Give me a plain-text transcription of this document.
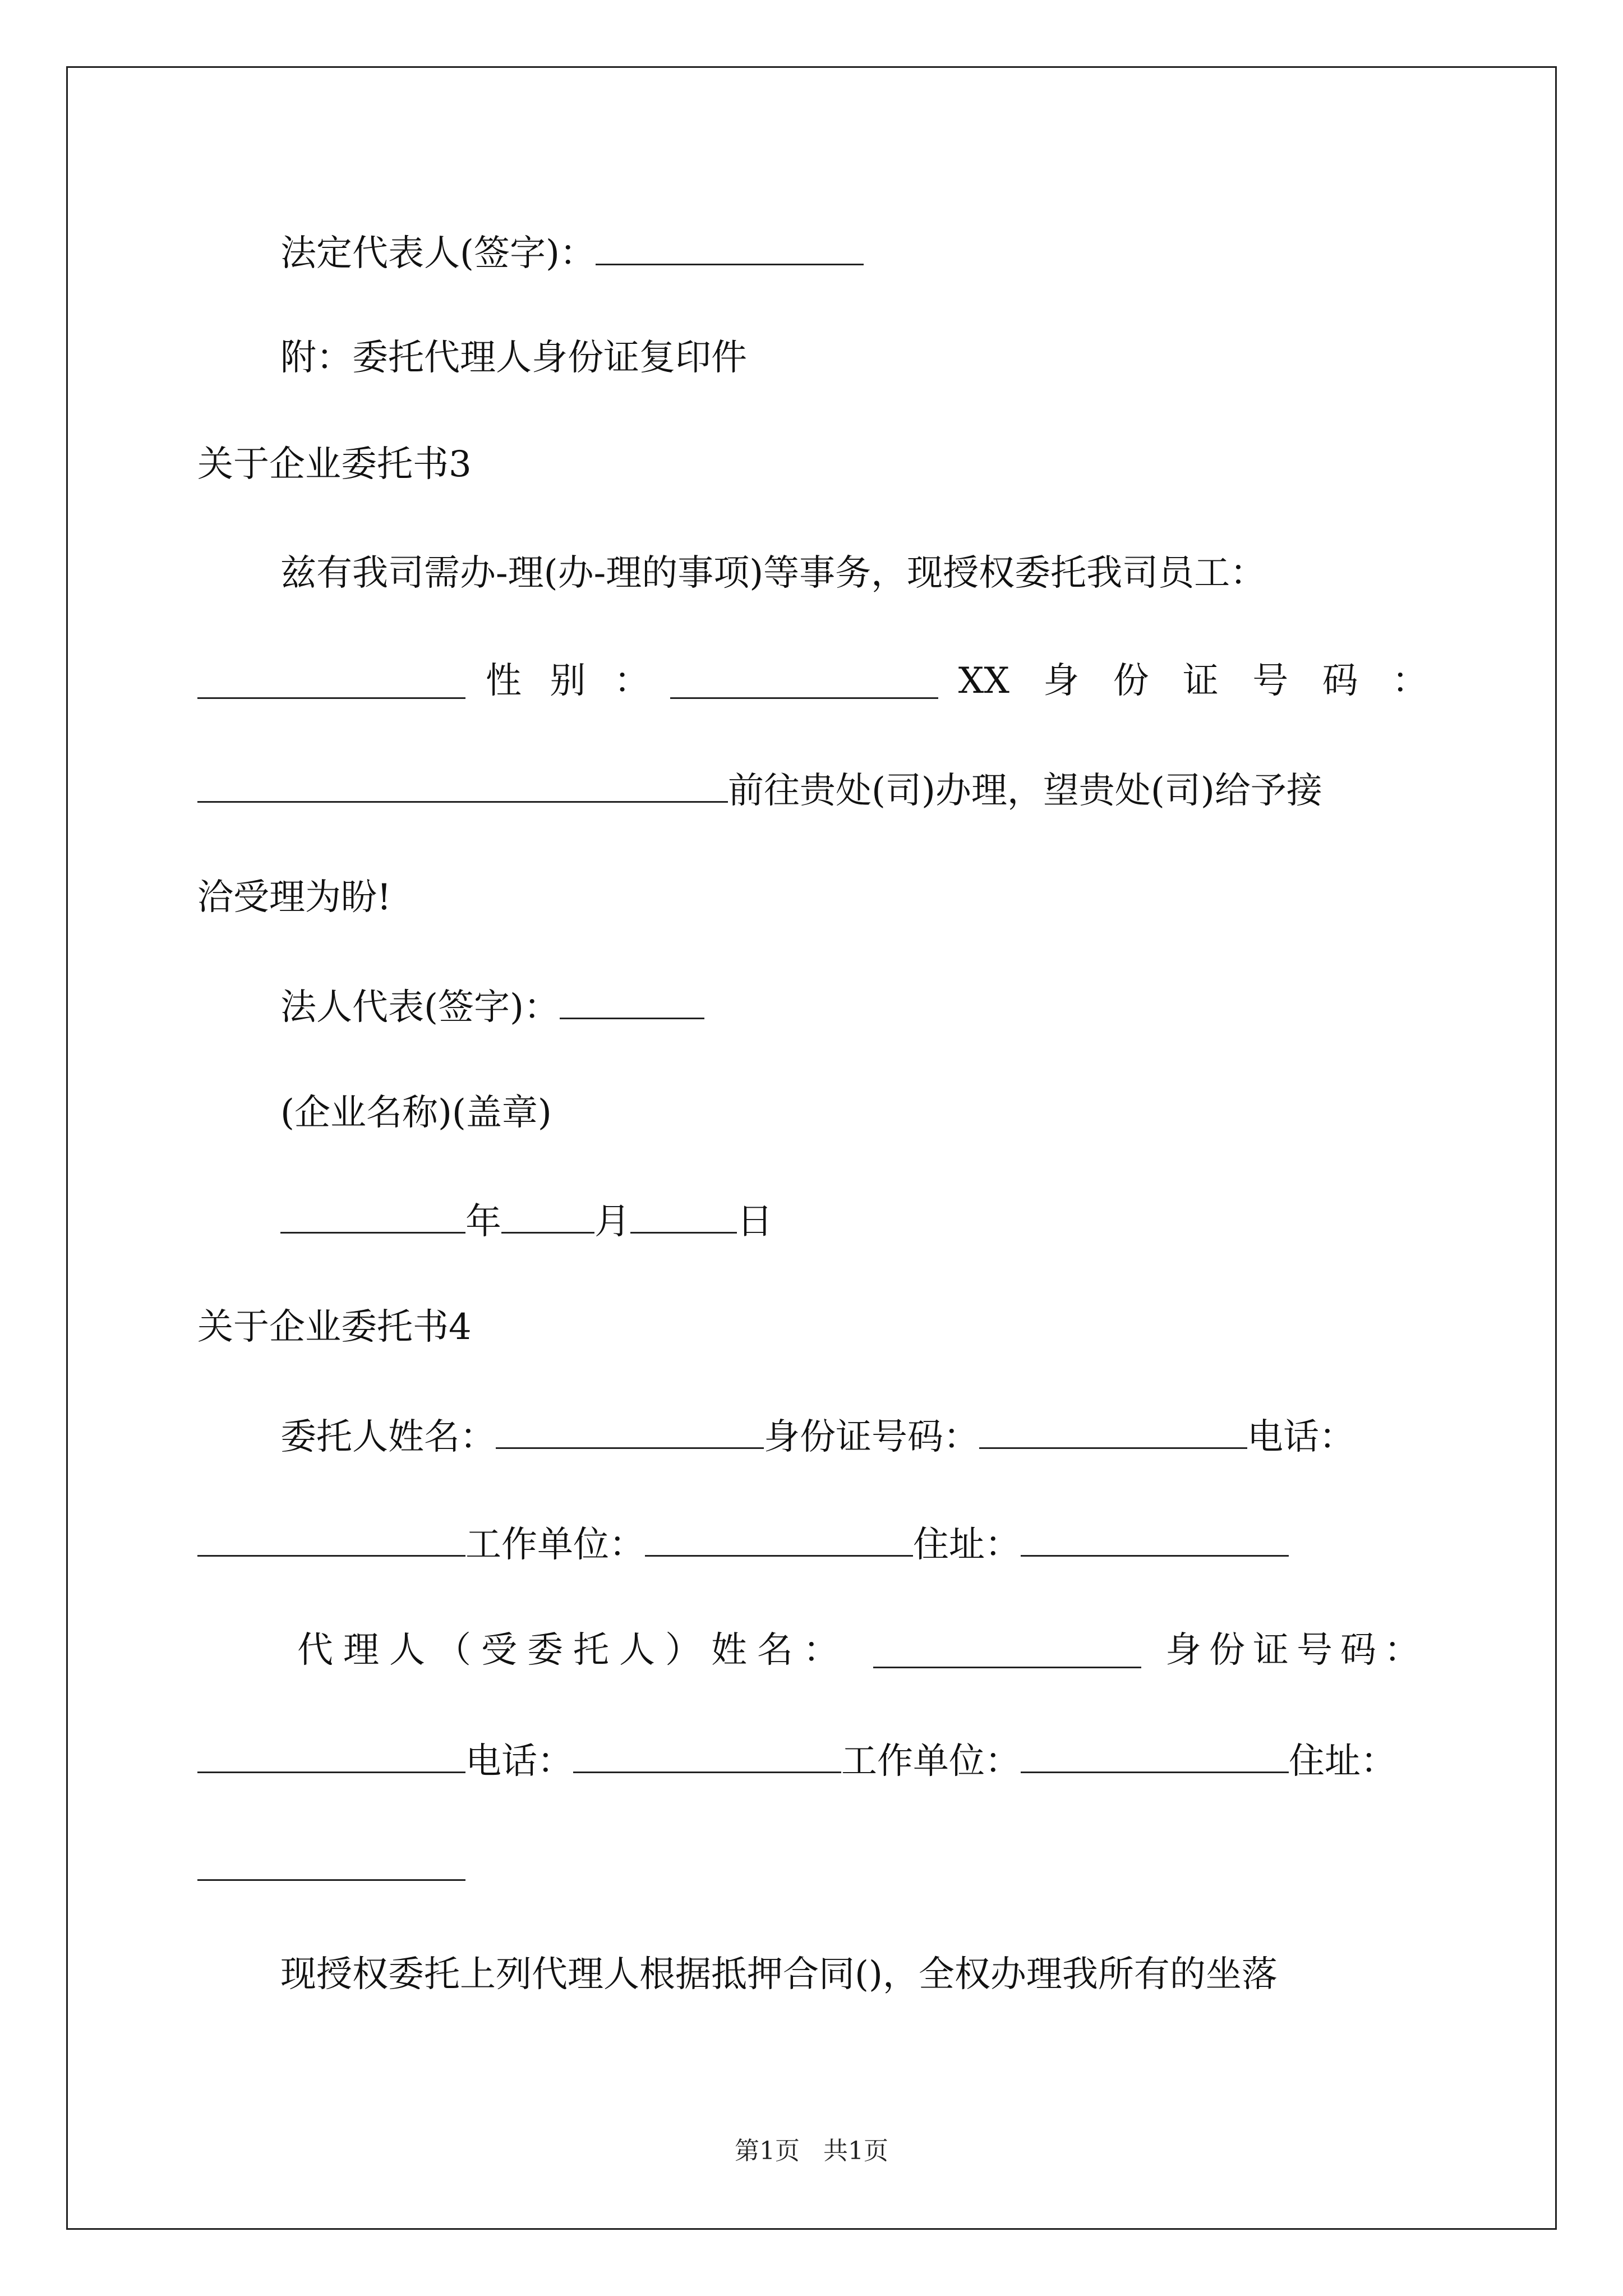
法定代表人(签字)：
附：委托代理人身份证复印件
关于企业委托书3
兹有我司需办-理(办-理的事项)等事务，现授权委托我司员工：
性 别 ：	XX 身 份 证 号 码 ：
前往贵处(司)办理，望贵处(司)给予接
洽受理为盼!
法人代表(签字)：
(企业名称)(盖章)
年	月	日
关于企业委托书4
委托人姓名：	身份证号码：	电话：
工作单位：	住址：
代理人（受委托人）姓名：	身份证号码：
电话：	工作单位：	住址：
现授权委托上列代理人根据抵押合同()，全权办理我所有的坐落
第1页 共1页
